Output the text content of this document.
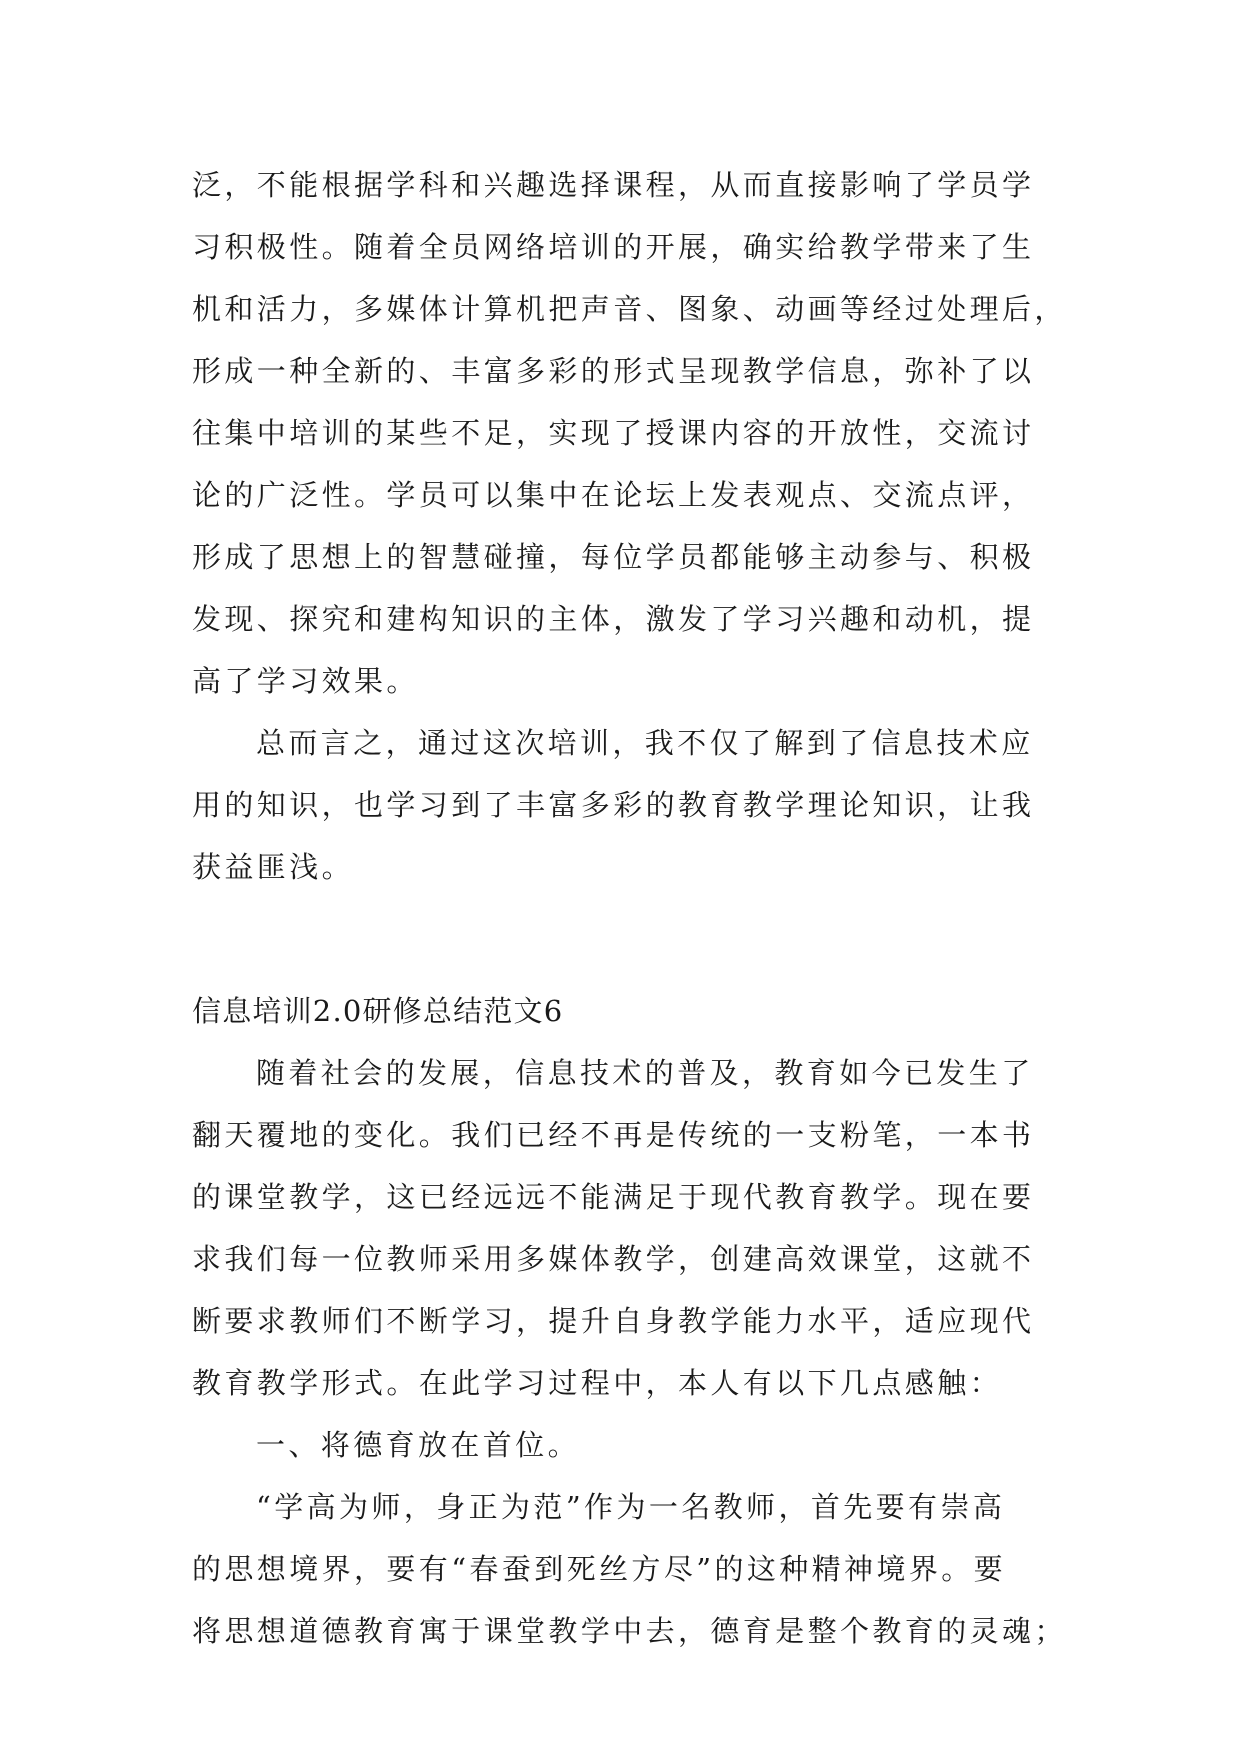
泛，不能根据学科和兴趣选择课程，从而直接影响了学员学
习积极性。随着全员网络培训的开展，确实给教学带来了生
机和活力，多媒体计算机把声音、图象、动画等经过处理后，
形成一种全新的、丰富多彩的形式呈现教学信息，弥补了以
往集中培训的某些不足，实现了授课内容的开放性，交流讨
论的广泛性。学员可以集中在论坛上发表观点、交流点评，
形成了思想上的智慧碰撞，每位学员都能够主动参与、积极
发现、探究和建构知识的主体，激发了学习兴趣和动机，提
高了学习效果。
总而言之，通过这次培训，我不仅了解到了信息技术应
用的知识，也学习到了丰富多彩的教育教学理论知识，让我
获益匪浅。
信息培训2.0研修总结范文6
随着社会的发展，信息技术的普及，教育如今已发生了
翻天覆地的变化。我们已经不再是传统的一支粉笔，一本书
的课堂教学，这已经远远不能满足于现代教育教学。现在要
求我们每一位教师采用多媒体教学，创建高效课堂，这就不
断要求教师们不断学习，提升自身教学能力水平，适应现代
教育教学形式。在此学习过程中，本人有以下几点感触：
一、将德育放在首位。
“学高为师，身正为范”作为一名教师，首先要有崇高
的思想境界，要有“春蚕到死丝方尽”的这种精神境界。要
将思想道德教育寓于课堂教学中去，德育是整个教育的灵魂；
